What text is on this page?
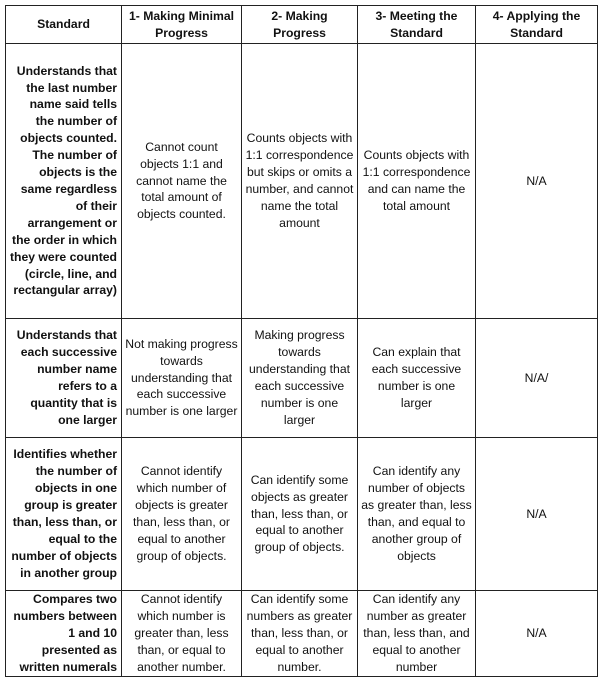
Standard	1- Making Minimal Progress	2- Making Progress	3- Meeting the Standard	4- Applying the Standard

Understands that the last number name said tells the number of objects counted. The number of objects is the same regardless of their arrangement or the order in which they were counted (circle, line, and rectangular array)	Cannot count objects 1:1 and cannot name the total amount of objects counted.	Counts objects with 1:1 correspondence but skips or omits a number, and cannot name the total amount	Counts objects with 1:1 correspondence and can name the total amount	N/A

Understands that each successive number name refers to a quantity that is one larger	Not making progress towards understanding that each successive number is one larger	Making progress towards understanding that each successive number is one larger	Can explain that each successive number is one larger	N/A/

Identifies whether the number of objects in one group is greater than, less than, or equal to the number of objects in another group	Cannot identify which number of objects is greater than, less than, or equal to another group of objects.	Can identify some objects as greater than, less than, or equal to another group of objects.	Can identify any number of objects as greater than, less than, and equal to another group of objects	N/A

Compares two numbers between 1 and 10 presented as written numerals	Cannot identify which number is greater than, less than, or equal to another number.	Can identify some numbers as greater than, less than, or equal to another number.	Can identify any number as greater than, less than, and equal to another number	N/A
